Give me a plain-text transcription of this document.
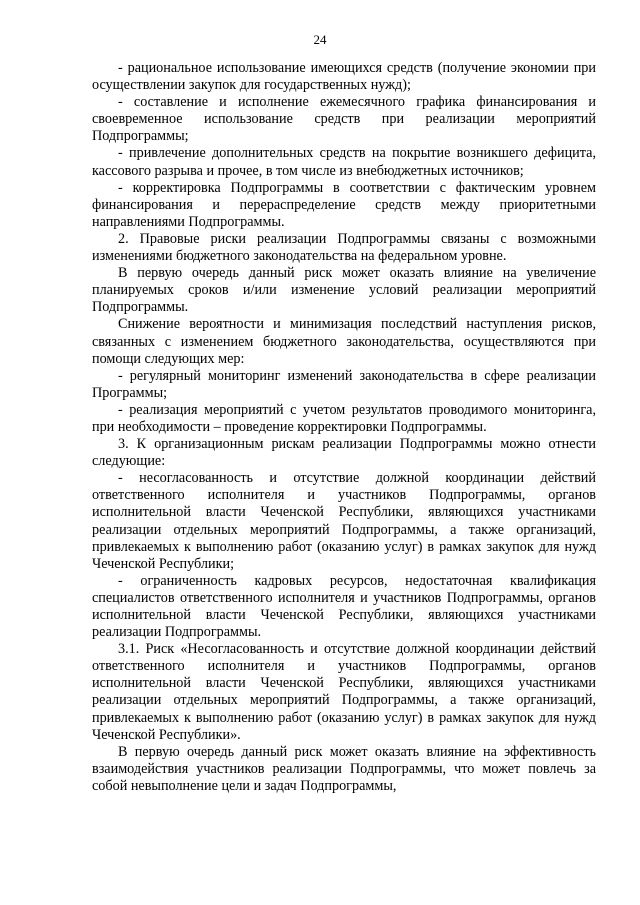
24

- рациональное использование имеющихся средств (получение экономии при осуществлении закупок для государственных нужд);

- составление и исполнение ежемесячного графика финансирования и своевременное использование средств при реализации мероприятий Подпрограммы;

- привлечение дополнительных средств на покрытие возникшего дефицита, кассового разрыва и прочее, в том числе из внебюджетных источников;

- корректировка Подпрограммы в соответствии с фактическим уровнем финансирования и перераспределение средств между приоритетными направлениями Подпрограммы.

2. Правовые риски реализации Подпрограммы связаны с возможными изменениями бюджетного законодательства на федеральном уровне.

В первую очередь данный риск может оказать влияние на увеличение планируемых сроков и/или изменение условий реализации мероприятий Подпрограммы.

Снижение вероятности и минимизация последствий наступления рисков, связанных с изменением бюджетного законодательства, осуществляются при помощи следующих мер:

- регулярный мониторинг изменений законодательства в сфере реализации Программы;

- реализация мероприятий с учетом результатов проводимого мониторинга, при необходимости – проведение корректировки Подпрограммы.

3. К организационным рискам реализации Подпрограммы можно отнести следующие:

- несогласованность и отсутствие должной координации действий ответственного исполнителя и участников Подпрограммы, органов исполнительной власти Чеченской Республики, являющихся участниками реализации отдельных мероприятий Подпрограммы, а также организаций, привлекаемых к выполнению работ (оказанию услуг) в рамках закупок для нужд Чеченской Республики;

- ограниченность кадровых ресурсов, недостаточная квалификация специалистов ответственного исполнителя и участников Подпрограммы, органов исполнительной власти Чеченской Республики, являющихся участниками реализации Подпрограммы.

3.1. Риск «Несогласованность и отсутствие должной координации действий ответственного исполнителя и участников Подпрограммы, органов исполнительной власти Чеченской Республики, являющихся участниками реализации отдельных мероприятий Подпрограммы, а также организаций, привлекаемых к выполнению работ (оказанию услуг) в рамках закупок для нужд Чеченской Республики».

В первую очередь данный риск может оказать влияние на эффективность взаимодействия участников реализации Подпрограммы, что может повлечь за собой невыполнение цели и задач Подпрограммы,
